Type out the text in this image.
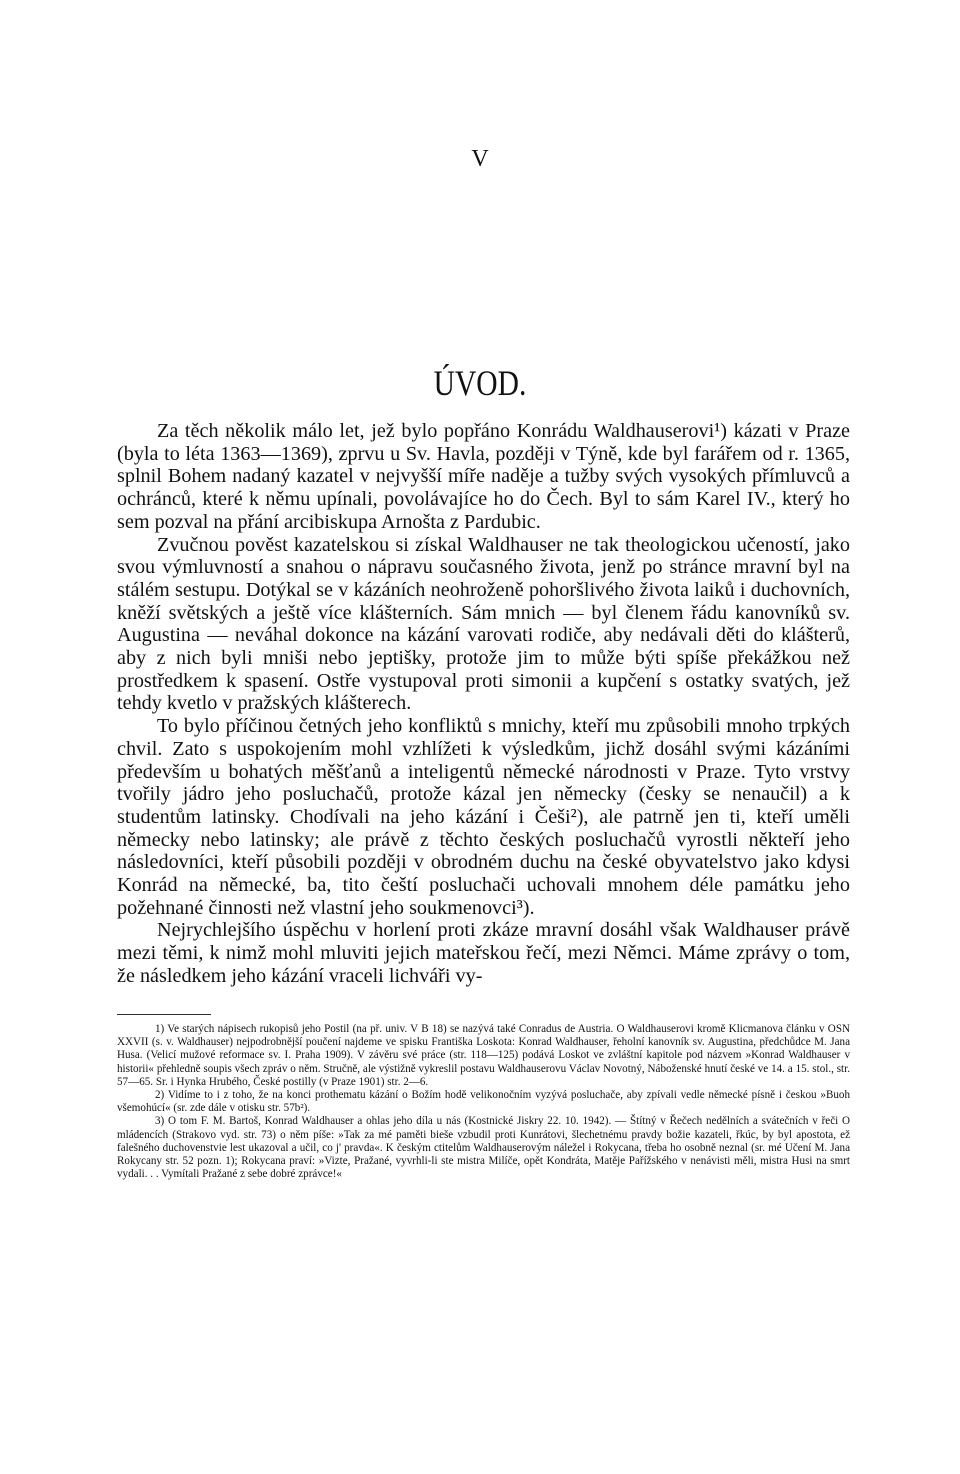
V
ÚVOD.

Za těch několik málo let, jež bylo popřáno Konrádu Waldhauserovi¹) kázati v Praze (byla to léta 1363—1369), zprvu u Sv. Havla, později v Týně, kde byl farářem od r. 1365, splnil Bohem nadaný kazatel v nejvyšší míře naděje a tužby svých vysokých přímluvců a ochránců, které k němu upínali, povolávajíce ho do Čech. Byl to sám Karel IV., který ho sem pozval na přání arcibiskupa Arnošta z Pardubic.

Zvučnou pověst kazatelskou si získal Waldhauser ne tak theologickou učeností, jako svou výmluvností a snahou o nápravu současného života, jenž po stránce mravní byl na stálém sestupu. Dotýkal se v kázáních neohroženě pohoršlivého života laiků i duchovních, kněží světských a ještě více klášterních. Sám mnich — byl členem řádu kanovníků sv. Augustina — neváhal dokonce na kázání varovati rodiče, aby nedávali děti do klášterů, aby z nich byli mniši nebo jeptišky, protože jim to může býti spíše překážkou než prostředkem k spasení. Ostře vystupoval proti simonii a kupčení s ostatky svatých, jež tehdy kvetlo v pražských klášterech.

To bylo příčinou četných jeho konfliktů s mnichy, kteří mu způsobili mnoho trpkých chvil. Zato s uspokojením mohl vzhlížeti k výsledkům, jichž dosáhl svými kázáními především u bohatých měšťanů a inteligentů německé národnosti v Praze. Tyto vrstvy tvořily jádro jeho posluchačů, protože kázal jen německy (česky se nenaučil) a k studentům latinsky. Chodívali na jeho kázání i Češi²), ale patrně jen ti, kteří uměli německy nebo latinsky; ale právě z těchto českých posluchačů vyrostli někteří jeho následovníci, kteří působili později v obrodném duchu na české obyvatelstvo jako kdysi Konrád na německé, ba, tito čeští posluchači uchovali mnohem déle památku jeho požehnané činnosti než vlastní jeho soukmenovci³).

Nejrychlejšího úspěchu v horlení proti zkáze mravní dosáhl však Waldhauser právě mezi těmi, k nimž mohl mluviti jejich mateřskou řečí, mezi Němci. Máme zprávy o tom, že následkem jeho kázání vraceli lichváři vy-

1) Ve starých nápisech rukopisů jeho Postil (na př. univ. V B 18) se nazývá také Conradus de Austria. O Waldhauserovi kromě Klicmanova článku v OSN XXVII (s. v. Waldhauser) nejpodrobnější poučení najdeme ve spisku Františka Loskota: Konrad Waldhauser, řeholní kanovník sv. Augustina, předchůdce M. Jana Husa. (Velicí mužové reformace sv. I. Praha 1909). V závěru své práce (str. 118—125) podává Loskot ve zvláštní kapitole pod názvem »Konrad Waldhauser v historii« přehledně soupis všech zpráv o něm. Stručně, ale výstižně vykreslil postavu Waldhauserovu Václav Novotný, Náboženské hnutí české ve 14. a 15. stol., str. 57—65. Sr. i Hynka Hrubého, České postilly (v Praze 1901) str. 2—6.

2) Vidíme to i z toho, že na konci prothematu kázání o Božím hodě velikonočním vyzývá posluchače, aby zpívali vedle německé písně i českou »Buoh všemohúcí« (sr. zde dále v otisku str. 57b²).

3) O tom F. M. Bartoš, Konrad Waldhauser a ohlas jeho díla u nás (Kostnické Jiskry 22. 10. 1942). — Štítný v Řečech nedělních a svátečních v řeči O mládencích (Strakovo vyd. str. 73) o něm píše: »Tak za mé paměti bieše vzbudil proti Kunrátovi, šlechetnému pravdy božie kazateli, řkúc, by byl apostota, ež falešného duchovenstvie lest ukazoval a učil, co j' pravda«. K českým ctitelům Waldhauserovým náležel i Rokycana, třeba ho osobně neznal (sr. mé Učení M. Jana Rokycany str. 52 pozn. 1); Rokycana praví: »Vizte, Pražané, vyvrhli-li ste mistra Milíče, opět Kondráta, Matěje Pařížského v nenávisti měli, mistra Husi na smrt vydali. . . Vymítali Pražané z sebe dobré zprávce!«
